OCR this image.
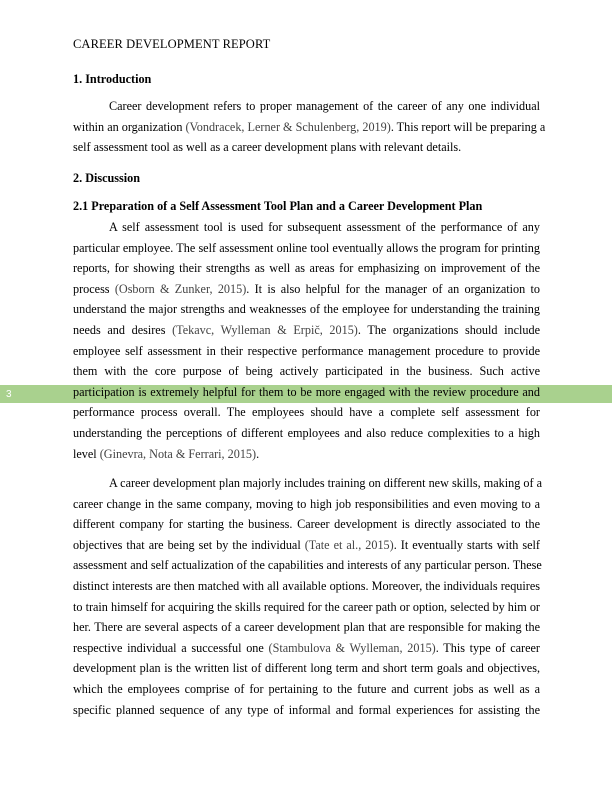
3
CAREER DEVELOPMENT REPORT
1. Introduction
Career development refers to proper management of the career of any one individual
within an organization (Vondracek, Lerner & Schulenberg, 2019). This report will be preparing a
self assessment tool as well as a career development plans with relevant details.
2. Discussion
2.1 Preparation of a Self Assessment Tool Plan and a Career Development Plan
A self assessment tool is used for subsequent assessment of the performance of any
particular employee. The self assessment online tool eventually allows the program for printing
reports, for showing their strengths as well as areas for emphasizing on improvement of the
process (Osborn & Zunker, 2015). It is also helpful for the manager of an organization to
understand the major strengths and weaknesses of the employee for understanding the training
needs and desires (Tekavc, Wylleman & Erpič, 2015). The organizations should include
employee self assessment in their respective performance management procedure to provide
them with the core purpose of being actively participated in the business. Such active
participation is extremely helpful for them to be more engaged with the review procedure and
performance process overall. The employees should have a complete self assessment for
understanding the perceptions of different employees and also reduce complexities to a high
level (Ginevra, Nota & Ferrari, 2015).
A career development plan majorly includes training on different new skills, making of a
career change in the same company, moving to high job responsibilities and even moving to a
different company for starting the business. Career development is directly associated to the
objectives that are being set by the individual (Tate et al., 2015). It eventually starts with self
assessment and self actualization of the capabilities and interests of any particular person. These
distinct interests are then matched with all available options. Moreover, the individuals requires
to train himself for acquiring the skills required for the career path or option, selected by him or
her. There are several aspects of a career development plan that are responsible for making the
respective individual a successful one (Stambulova & Wylleman, 2015). This type of career
development plan is the written list of different long term and short term goals and objectives,
which the employees comprise of for pertaining to the future and current jobs as well as a
specific planned sequence of any type of informal and formal experiences for assisting the
